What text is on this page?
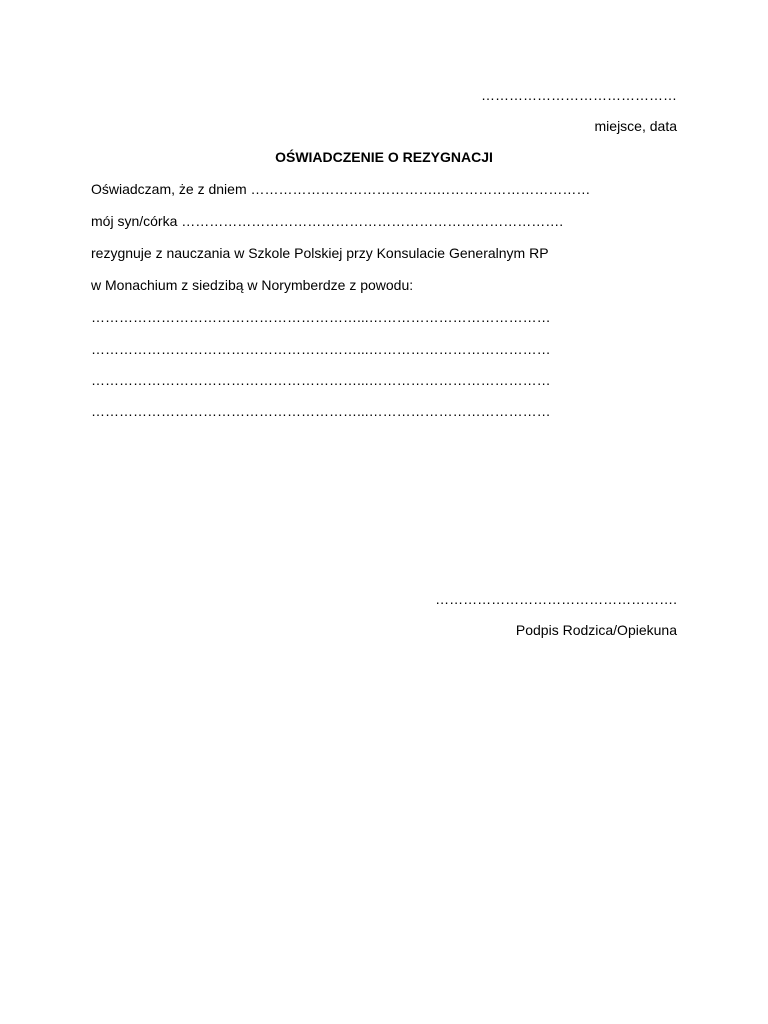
……………………………………
miejsce, data
OŚWIADCZENIE O REZYGNACJI
Oświadczam, że z dniem ………………………………….……………………………
mój syn/córka ……………………………………………………………………….
rezygnuje z nauczania w Szkole Polskiej przy Konsulacie Generalnym RP
w Monachium z siedzibą w Norymberdze z powodu:
…………………………………………………...…………………………………
…………………………………………………...…………………………………
…………………………………………………...…………………………………
…………………………………………………...…………………………………
…………………………………………….
Podpis Rodzica/Opiekuna
